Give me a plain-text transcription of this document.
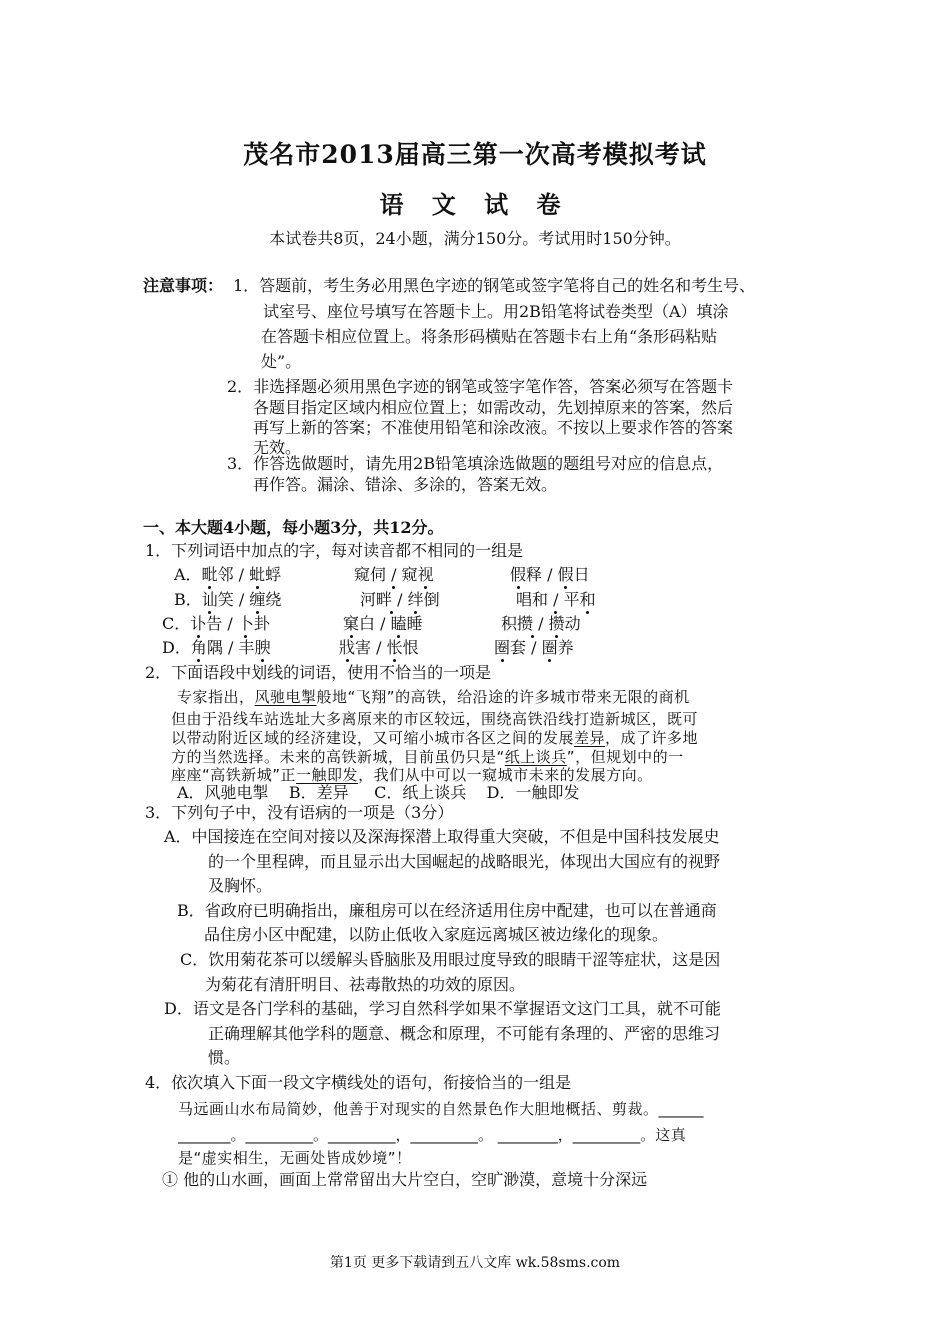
茂名市2013届高三第一次高考模拟考试
语 文 试 卷
本试卷共8页，24小题，满分150分。考试用时150分钟。
注意事项： 1．答题前，考生务必用黑色字迹的钢笔或签字笔将自己的姓名和考生号、
试室号、座位号填写在答题卡上。用2B铅笔将试卷类型（A）填涂
在答题卡相应位置上。将条形码横贴在答题卡右上角“条形码粘贴
处”。
2．非选择题必须用黑色字迹的钢笔或签字笔作答，答案必须写在答题卡
各题目指定区域内相应位置上；如需改动，先划掉原来的答案，然后
再写上新的答案；不准使用铅笔和涂改液。不按以上要求作答的答案
无效。
3．作答选做题时，请先用2B铅笔填涂选做题的题组号对应的信息点，
再作答。漏涂、错涂、多涂的，答案无效。
一、本大题4小题，每小题3分，共12分。
1．下列词语中加点的字，每对读音都不相同的一组是
A．毗邻 / 蚍蜉	窥伺 / 窥视	假释 / 假日
B．讪笑 / 缠绕	河畔 / 绊倒	唱和 / 平和
C．讣告 / 卜卦	窠白 / 瞌睡	积攒 / 攒动
D．角隅 / 丰腴	戕害 / 怅恨	圈套 / 圈养
2．下面语段中划线的词语，使用不恰当的一项是
专家指出，风驰电掣般地“飞翔”的高铁，给沿途的许多城市带来无限的商机
但由于沿线车站选址大多离原来的市区较远，围绕高铁沿线打造新城区，既可
以带动附近区域的经济建设，又可缩小城市各区之间的发展差异，成了许多地
方的当然选择。未来的高铁新城，目前虽仍只是“纸上谈兵”，但规划中的一
座座“高铁新城”正一触即发，我们从中可以一窥城市未来的发展方向。
A．风驰电掣    B．差异     C．纸上谈兵    D．一触即发
3．下列句子中，没有语病的一项是（3分）
A．中国接连在空间对接以及深海探潜上取得重大突破，不但是中国科技发展史
的一个里程碑，而且显示出大国崛起的战略眼光，体现出大国应有的视野
及胸怀。
B．省政府已明确指出，廉租房可以在经济适用住房中配建，也可以在普通商
品住房小区中配建，以防止低收入家庭远离城区被边缘化的现象。
C．饮用菊花茶可以缓解头昏脑胀及用眼过度导致的眼睛干涩等症状，这是因
为菊花有清肝明目、祛毒散热的功效的原因。
D．语文是各门学科的基础，学习自然科学如果不掌握语文这门工具，就不可能
正确理解其他学科的题意、概念和原理，不可能有条理的、严密的思维习
惯。
4．依次填入下面一段文字横线处的语句，衔接恰当的一组是
马远画山水布局简妙，他善于对现实的自然景色作大胆地概括、剪裁。______
_______。_________。_________，_________。 ________，_________。这真
是“虚实相生，无画处皆成妙境”！
① 他的山水画，画面上常常留出大片空白，空旷渺漠，意境十分深远
第1页 更多下载请到五八文库 wk.58sms.com
